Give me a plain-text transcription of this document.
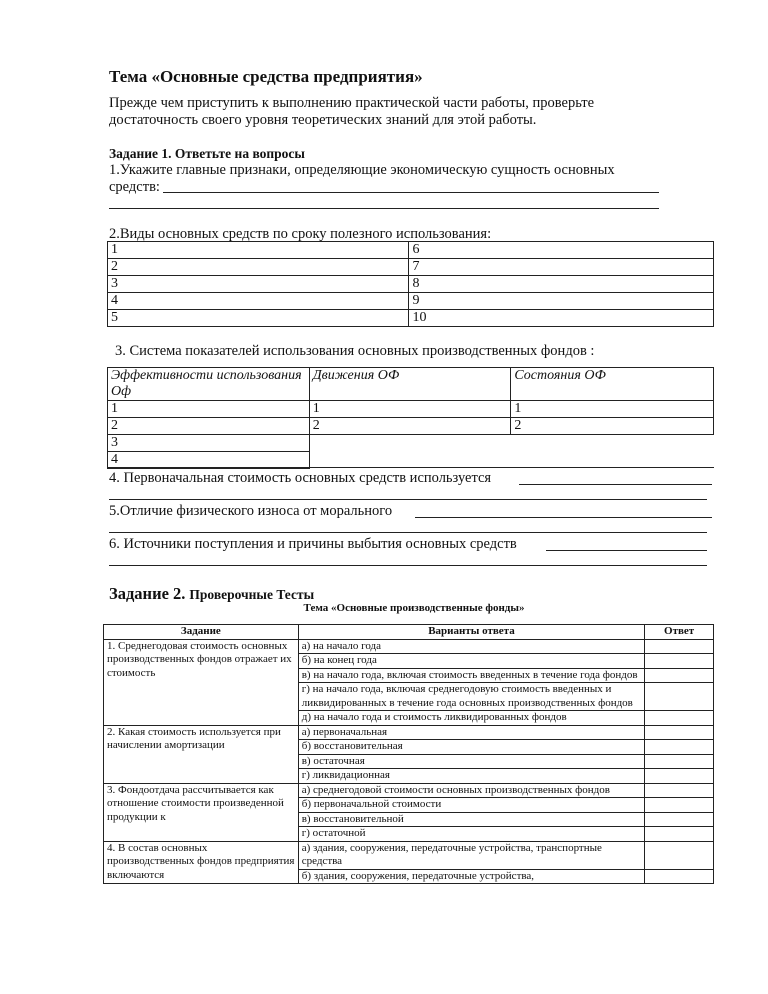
Тема «Основные средства предприятия»
Прежде чем приступить к выполнению практической части работы, проверьте
достаточность своего уровня теоретических знаний для этой работы.
Задание 1. Ответьте на вопросы
1.Укажите главные признаки, определяющие экономическую сущность основных
средств:
2.Виды основных средств по сроку полезного использования:
1	6
2	7
3	8
4	9
5	10
3. Система показателей использования основных производственных фондов :
Эффективности использования Оф	Движения ОФ	Состояния ОФ
1	1	1
2	2	2
3		
4		
4. Первоначальная стоимость основных средств используется
5.Отличие физического износа от морального
6. Источники поступления и причины выбытия основных средств
Задание 2. Проверочные Тесты
Тема «Основные производственные фонды»
Задание	Варианты ответа	Ответ
1. Среднегодовая стоимость основных производственных фондов отражает их стоимость	а) на начало года	
	б) на конец года	
	в) на начало года, включая стоимость введенных в течение года фондов	
	г) на начало года, включая среднегодовую стоимость введенных и ликвидированных в течение года основных производственных фондов	
	д) на начало года и стоимость ликвидированных фондов	
2. Какая стоимость используется при начислении амортизации	а) первоначальная	
	б) восстановительная	
	в) остаточная	
	г) ликвидационная	
3. Фондоотдача рассчитывается как отношение стоимости произведенной продукции к	а) среднегодовой стоимости основных производственных фондов	
	б) первоначальной стоимости	
	в) восстановительной	
	г) остаточной	
4. В состав основных производственных фондов предприятия включаются	а) здания, сооружения, передаточные устройства, транспортные средства	
	б) здания, сооружения, передаточные устройства,	
